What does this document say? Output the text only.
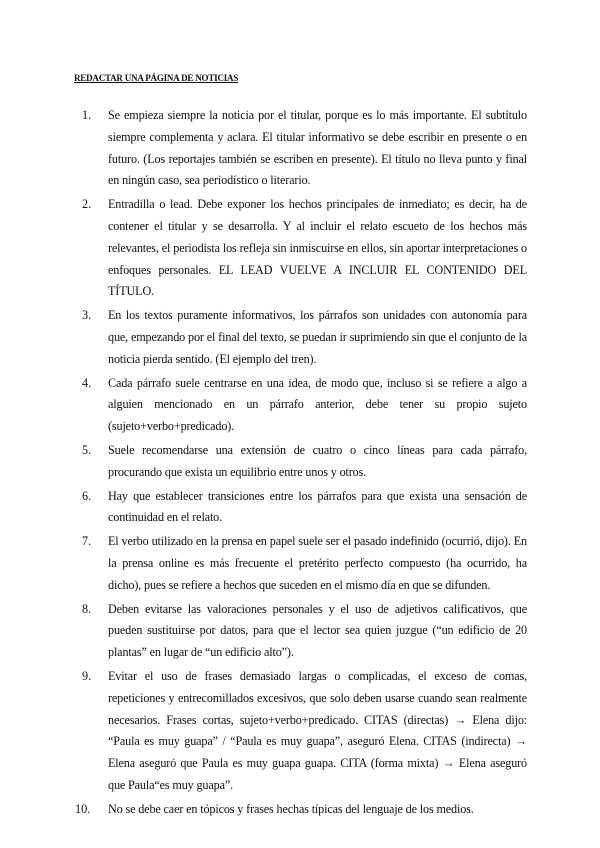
REDACTAR UNA PÁGINA DE NOTICIAS
1.	Se empieza siempre la noticia por el titular, porque es lo más importante. El subtítulo siempre complementa y aclara. El titular informativo se debe escribir en presente o en futuro. (Los reportajes también se escriben en presente). El título no lleva punto y final en ningún caso, sea periodístico o literario.
2.	Entradilla o lead. Debe exponer los hechos principales de inmediato; es decir, ha de contener el titular y se desarrolla. Y al incluir el relato escueto de los hechos más relevantes, el periodista los refleja sin inmiscuirse en ellos, sin aportar interpretaciones o enfoques personales. EL LEAD VUELVE A INCLUIR EL CONTENIDO DEL TÍTULO.
3.	En los textos puramente informativos, los párrafos son unidades con autonomía para que, empezando por el final del texto, se puedan ir suprimiendo sin que el conjunto de la noticia pierda sentido. (El ejemplo del tren).
4.	Cada párrafo suele centrarse en una idea, de modo que, incluso si se refiere a algo a alguien mencionado en un párrafo anterior, debe tener su propio sujeto (sujeto+verbo+predicado).
5.	Suele recomendarse una extensión de cuatro o cinco líneas para cada párrafo, procurando que exista un equilibrio entre unos y otros.
6.	Hay que establecer transiciones entre los párrafos para que exista una sensación de continuidad en el relato.
7.	El verbo utilizado en la prensa en papel suele ser el pasado indefinido (ocurrió, dijo). En la prensa online es más frecuente el pretérito perfecto compuesto (ha ocurrido, ha dicho), pues se refiere a hechos que suceden en el mismo día en que se difunden.
8.	Deben evitarse las valoraciones personales y el uso de adjetivos calificativos, que pueden sustituirse por datos, para que el lector sea quien juzgue (“un edificio de 20 plantas” en lugar de “un edificio alto”).
9.	Evitar el uso de frases demasiado largas o complicadas, el exceso de comas, repeticiones y entrecomillados excesivos, que solo deben usarse cuando sean realmente necesarios. Frases cortas, sujeto+verbo+predicado. CITAS (directas) → Elena dijo: “Paula es muy guapa” / “Paula es muy guapa”, aseguró Elena. CITAS (indirecta) → Elena aseguró que Paula es muy guapa guapa. CITA (forma mixta) → Elena aseguró que Paula“es muy guapa”.
10.	No se debe caer en tópicos y frases hechas típicas del lenguaje de los medios.
